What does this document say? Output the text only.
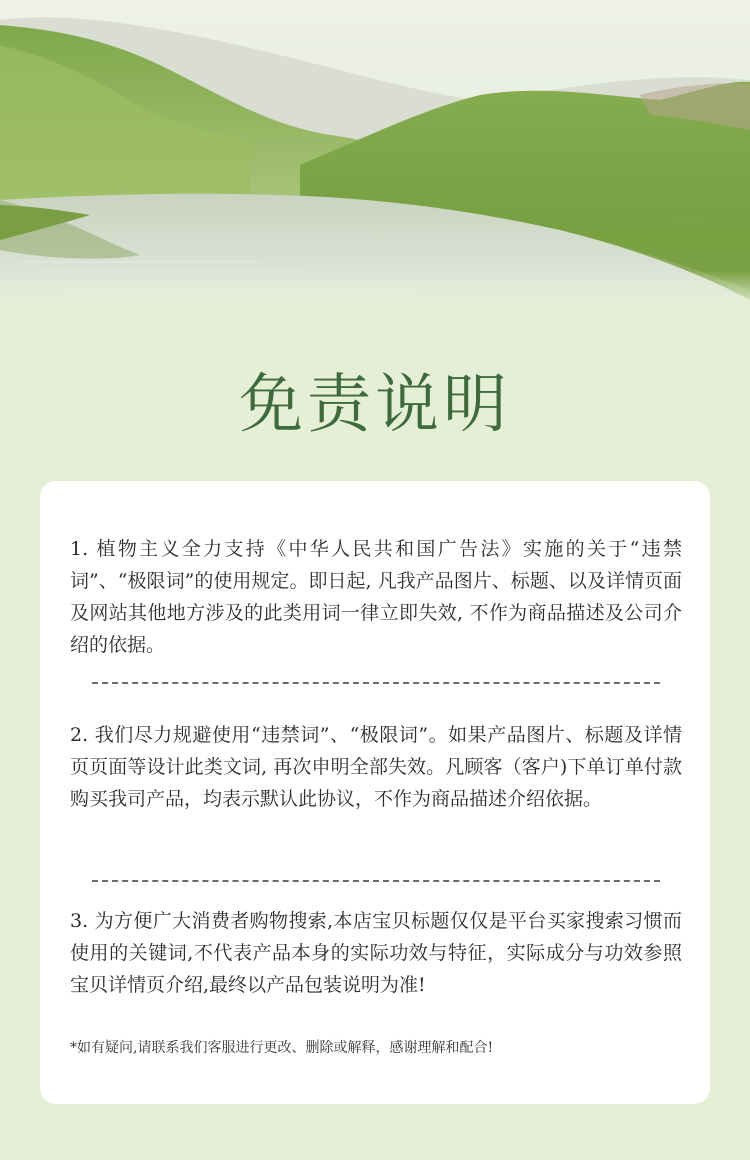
免责说明
1. 植物主义全力支持《中华人民共和国广告法》实施的关于“违禁词”、“极限词”的使用规定。即日起, 凡我产品图片、标题、以及详情页面及网站其他地方涉及的此类用词一律立即失效, 不作为商品描述及公司介绍的依据。
2. 我们尽力规避使用“违禁词”、“极限词”。如果产品图片、标题及详情页页面等设计此类文词, 再次申明全部失效。凡顾客（客户)下单订单付款购买我司产品，均表示默认此协议，不作为商品描述介绍依据。
3. 为方便广大消费者购物搜索,本店宝贝标题仅仅是平台买家搜索习惯而使用的关键词,不代表产品本身的实际功效与特征，实际成分与功效参照宝贝详情页介绍,最终以产品包装说明为准!
*如有疑问,请联系我们客服进行更改、删除或解释，感谢理解和配合!
